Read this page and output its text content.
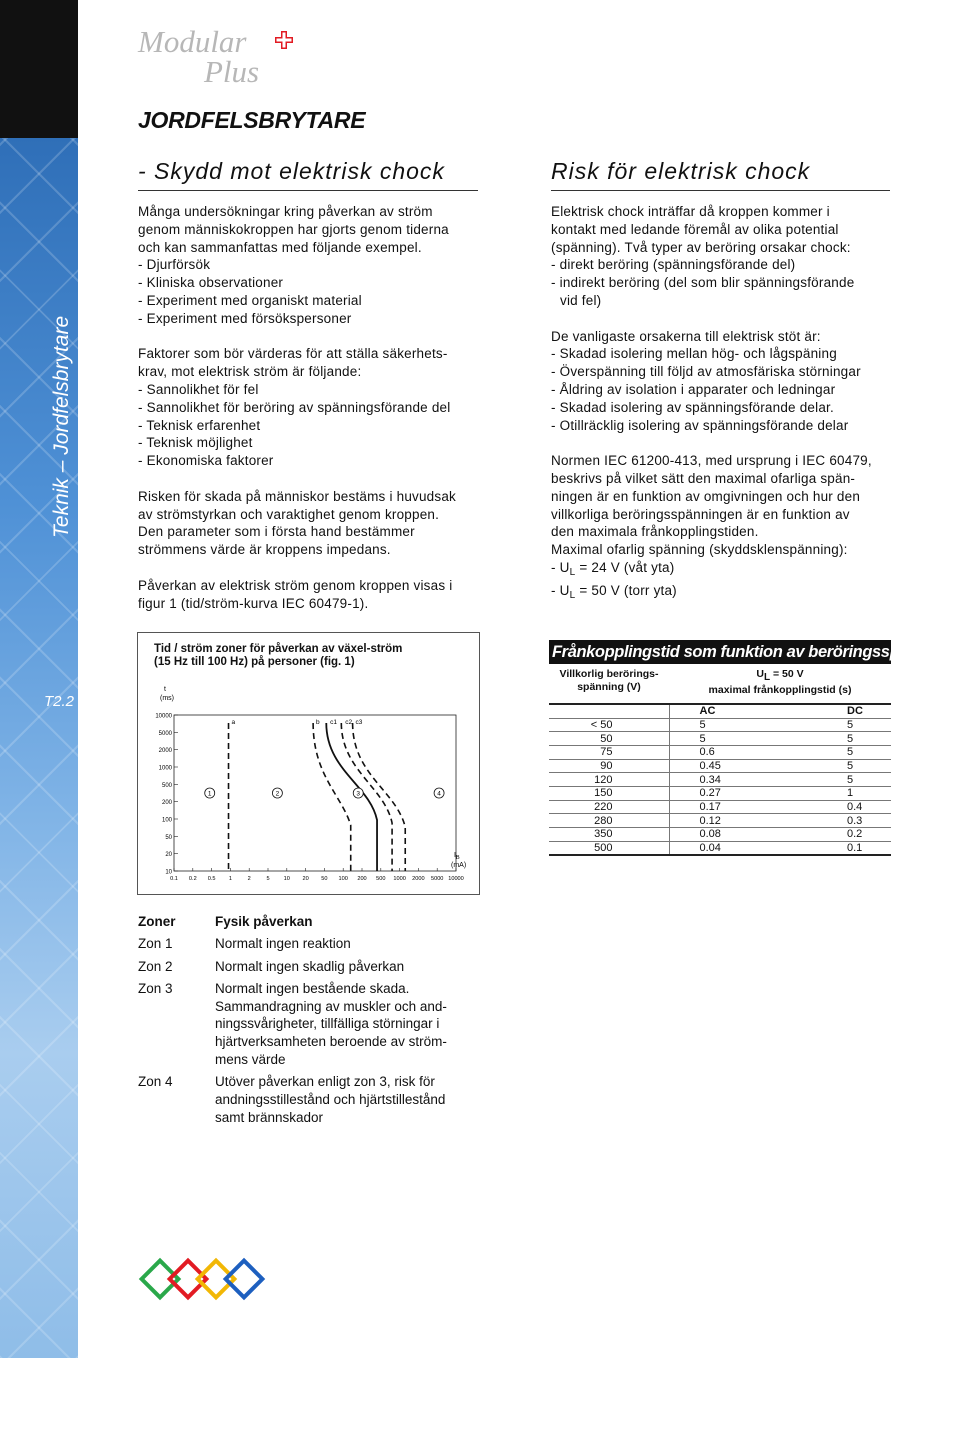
Teknik – Jordfelsbrytare
T2.2
146
Modular
Plus
JORDFELSBRYTARE
- Skydd mot elektrisk chock	Risk för elektrisk chock

Många undersökningar kring påverkan av ström

genom människokroppen har gjorts genom tiderna

och kan sammanfattas med följande exempel.

- Djurförsök

- Kliniska observationer

- Experiment med organiskt material

- Experiment med försökspersoner

Faktorer som bör värderas för att ställa säkerhets-

krav, mot elektrisk ström är följande:

- Sannolikhet för fel

- Sannolikhet för beröring av spänningsförande del

- Teknisk erfarenhet

- Teknisk möjlighet

- Ekonomiska faktorer

Risken för skada på människor bestäms i huvudsak

av strömstyrkan och varaktighet genom kroppen.

Den parameter som i första hand bestämmer

strömmens värde är kroppens impedans.

Påverkan av elektrisk ström genom kroppen visas i

figur 1 (tid/ström-kurva IEC 60479-1).

Elektrisk chock inträffar då kroppen kommer i

kontakt med ledande föremål av olika potential

(spänning). Två typer av beröring orsakar chock:

- direkt beröring (spänningsförande del)

- indirekt beröring (del som blir spänningsförande

vid fel)

De vanligaste orsakerna till elektrisk stöt är:

- Skadad isolering mellan hög- och lågspäning

- Överspänning till följd av atmosfäriska störningar

- Åldring av isolation i apparater och ledningar

- Skadad isolering av spänningsförande delar.

- Otillräcklig isolering av spänningsförande delar

Normen IEC 61200-413, med ursprung i IEC 60479,

beskrivs på vilket sätt den maximal ofarliga spän-

ningen är en funktion av omgivningen och hur den

villkorliga beröringsspänningen är en funktion av

den maximala frånkopplingstiden.

Maximal ofarlig spänning (skyddsklenspänning):

- $U_L = 24$ V (våt yta)

- $U_L = 50$ V (torr yta)

Tid / ström zoner för påverkan av växel-ström
(15 Hz till 100 Hz) på personer (fig. 1)
t
(ms)
$I_B$
(mA)
10000
5000
2000
1000
500
200
100
50
20
10
0.1 0.2 0.5 1	2	5	10 20 50 100 200 500 1000 2000 5000 10000
a	b c1 c2 c3
1	2	3	4
Frånkopplingstid som funktion av beröringsspänning
Villkorlig berörings-
spänning (V)
$U_L = 50$ V
maximal frånkopplingstid (s)
	AC	DC
< 50	5	5
50	5	5
75	0.6	5
90	0.45	5
120	0.34	5
150	0.27	1
220	0.17	0.4
280	0.12	0.3
350	0.08	0.2
500	0.04	0.1
Zoner	Fysik påverkan
Zon 1	Normalt ingen reaktion
Zon 2	Normalt ingen skadlig påverkan
Zon 3	Normalt ingen bestående skada.
Sammandragning av muskler och and-
ningssvårigheter, tillfälliga störningar i
hjärtverksamheten beroende av ström-
mens värde
Zon 4	Utöver påverkan enligt zon 3, risk för
andningsstillestånd och hjärtstillestånd
samt brännskador
